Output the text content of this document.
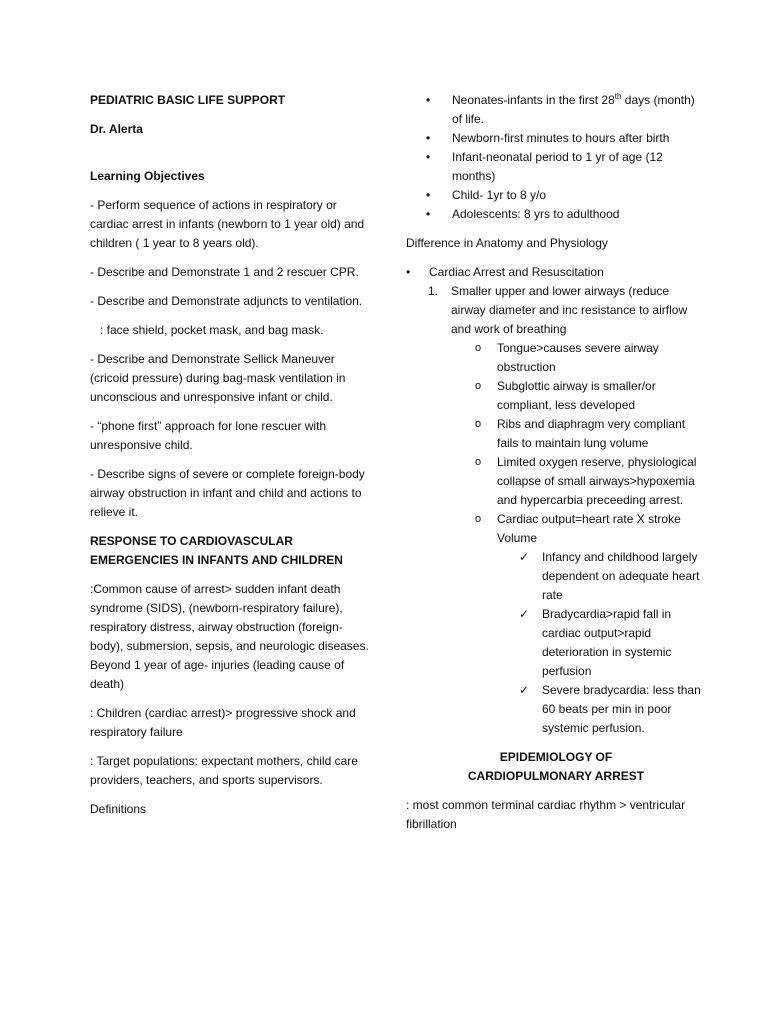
PEDIATRIC BASIC LIFE SUPPORT

Dr. Alerta

Learning Objectives

- Perform sequence of actions in respiratory or cardiac arrest in infants (newborn to 1 year old) and children ( 1 year to 8 years old).

- Describe and Demonstrate 1 and 2 rescuer CPR.

- Describe and Demonstrate adjuncts to ventilation.

: face shield, pocket mask, and bag mask.

- Describe and Demonstrate Sellick Maneuver (cricoid pressure) during bag-mask ventilation in unconscious and unresponsive infant or child.

- “phone first” approach for lone rescuer with unresponsive child.

- Describe signs of severe or complete foreign-body airway obstruction in infant and child and actions to relieve it.

RESPONSE TO CARDIOVASCULAR EMERGENCIES IN INFANTS AND CHILDREN

:Common cause of arrest> sudden infant death syndrome (SIDS), (newborn-respiratory failure), respiratory distress, airway obstruction (foreign-body), submersion, sepsis, and neurologic diseases. Beyond 1 year of age- injuries (leading cause of death)

: Children (cardiac arrest)> progressive shock and respiratory failure

: Target populations: expectant mothers, child care providers, teachers, and sports supervisors.

Definitions

•	Neonates-infants in the first 28th days (month) of life.
•	Newborn-first minutes to hours after birth
•	Infant-neonatal period to 1 yr of age (12 months)
•	Child- 1yr to 8 y/o
•	Adolescents: 8 yrs to adulthood

Difference in Anatomy and Physiology

• Cardiac Arrest and Resuscitation
1. Smaller upper and lower airways (reduce airway diameter and inc resistance to airflow and work of breathing
o Tongue>causes severe airway obstruction
o Subglottic airway is smaller/or compliant, less developed
o Ribs and diaphragm very compliant fails to maintain lung volume
o Limited oxygen reserve, physiological collapse of small airways>hypoxemia and hypercarbia preceeding arrest.
o Cardiac output=heart rate X stroke Volume
✓ Infancy and childhood largely dependent on adequate heart rate
✓ Bradycardia>rapid fall in cardiac output>rapid deterioration in systemic perfusion
✓ Severe bradycardia: less than 60 beats per min in poor systemic perfusion.

EPIDEMIOLOGY OF CARDIOPULMONARY ARREST

: most common terminal cardiac rhythm > ventricular fibrillation
